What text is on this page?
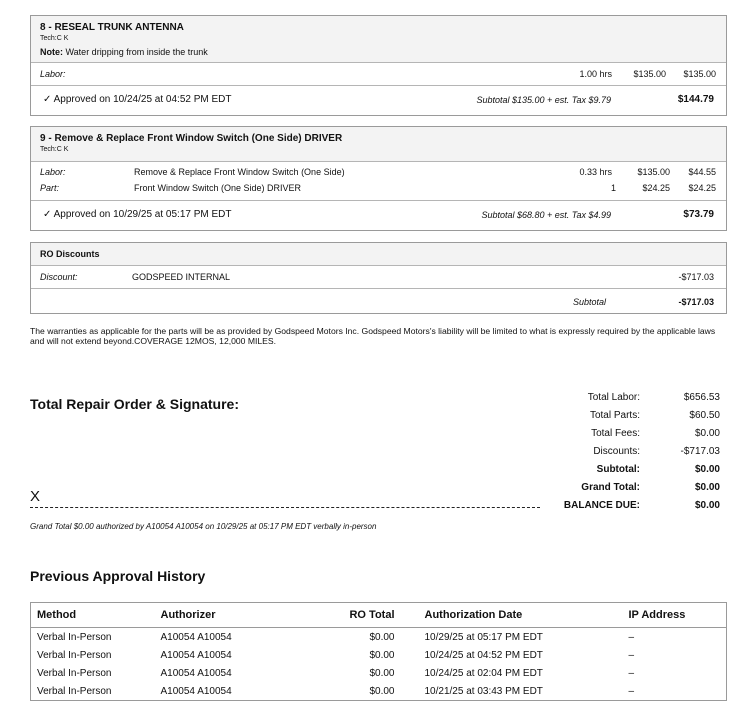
8 - RESEAL TRUNK ANTENNA
Tech:C K
Note: Water dripping from inside the trunk
Labor:	1.00 hrs $135.00 $135.00
✓ Approved on 10/24/25 at 04:52 PM EDT	Subtotal $135.00 + est. Tax $9.79	$144.79
9 - Remove & Replace Front Window Switch (One Side) DRIVER
Tech:C K
Labor:	Remove & Replace Front Window Switch (One Side)	0.33 hrs	$135.00 $44.55
Part:	Front Window Switch (One Side) DRIVER	1	$24.25 $24.25
✓ Approved on 10/29/25 at 05:17 PM EDT	Subtotal $68.80 + est. Tax $4.99	$73.79
RO Discounts
Discount:	GODSPEED INTERNAL	-$717.03
Subtotal	-$717.03
The warranties as applicable for the parts will be as provided by Godspeed Motors Inc. Godspeed Motors's liability will be limited to what is expressly required by the applicable laws and will not extend beyond.COVERAGE 12MOS, 12,000 MILES.
Total Repair Order & Signature:
X
Grand Total $0.00 authorized by A10054 A10054 on 10/29/25 at 05:17 PM EDT verbally in-person
Total Labor:	$656.53
Total Parts:	$60.50
Total Fees:	$0.00
Discounts:	-$717.03
Subtotal:	$0.00
Grand Total:	$0.00
BALANCE DUE:	$0.00
Previous Approval History
Method	Authorizer	RO Total	Authorization Date	IP Address
Verbal In-Person	A10054 A10054	$0.00	10/29/25 at 05:17 PM EDT	–
Verbal In-Person	A10054 A10054	$0.00	10/24/25 at 04:52 PM EDT	–
Verbal In-Person	A10054 A10054	$0.00	10/24/25 at 02:04 PM EDT	–
Verbal In-Person	A10054 A10054	$0.00	10/21/25 at 03:43 PM EDT	–
